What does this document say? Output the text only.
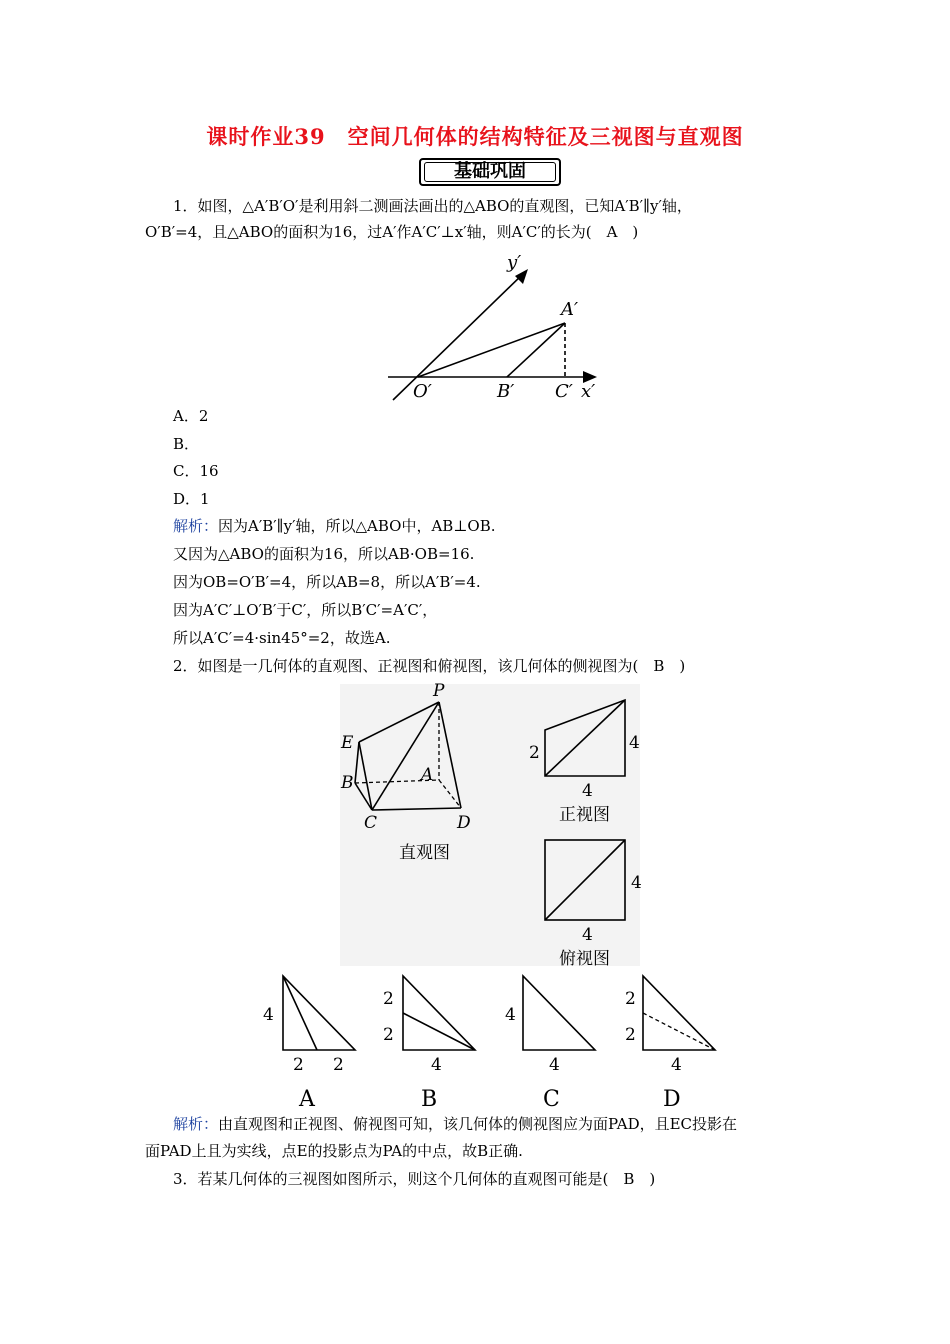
课时作业39　空间几何体的结构特征及三视图与直观图
基础巩固
1．如图，△A′B′O′是利用斜二测画法画出的△ABO的直观图，已知A′B′∥y′轴，
O′B′=4，且△ABO的面积为16，过A′作A′C′⊥x′轴，则A′C′的长为(　A　)
y′
A′
O′	B′ C′ x′
A．2
B．
C．16
D．1
解析：因为A′B′∥y′轴，所以△ABO中，AB⊥OB.
又因为△ABO的面积为16，所以AB·OB=16.
因为OB=O′B′=4，所以AB=8，所以A′B′=4.
因为A′C′⊥O′B′于C′，所以B′C′=A′C′，
所以A′C′=4·sin45°=2，故选A.
2．如图是一几何体的直观图、正视图和俯视图，该几何体的侧视图为(　B　)
P
E
A
B
C	D
直观图
2	4
4
正视图
4
4
俯视图
4
2 2
A
2
2
4
B
4
4
C
2
2
4
D
解析：由直观图和正视图、俯视图可知，该几何体的侧视图应为面PAD，且EC投影在
面PAD上且为实线，点E的投影点为PA的中点，故B正确.
3．若某几何体的三视图如图所示，则这个几何体的直观图可能是(　B　)
